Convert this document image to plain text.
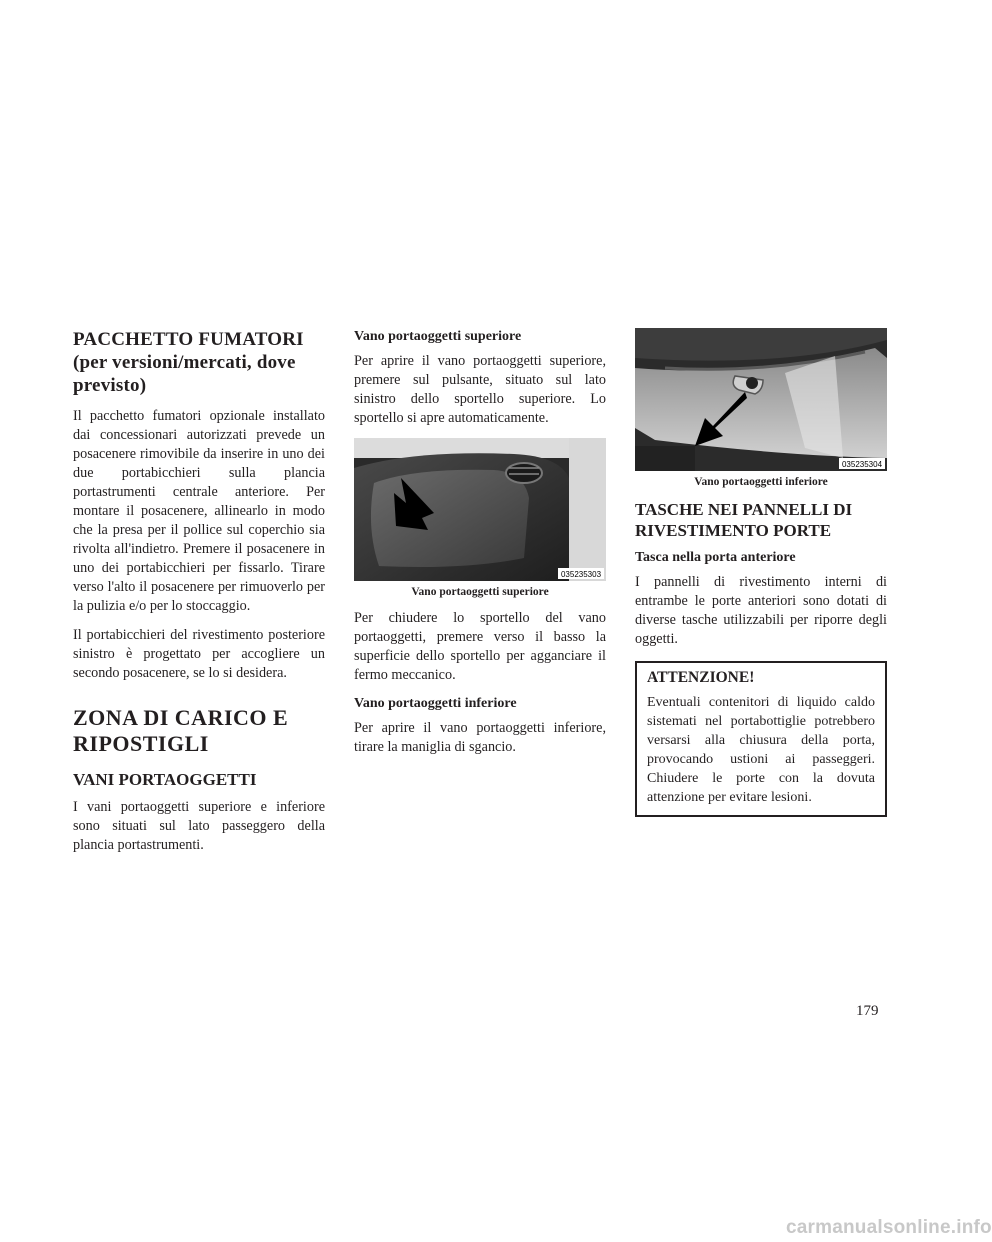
PACCHETTO FUMATORI (per versioni/mercati, dove previsto)

Il pacchetto fumatori opzionale installato dai concessionari autorizzati prevede un posacenere rimovibile da inserire in uno dei due portabicchieri sulla plancia portastrumenti centrale anteriore. Per montare il posacenere, allinearlo in modo che la presa per il pollice sul coperchio sia rivolta all'indietro. Premere il posacenere in uno dei portabicchieri per fissarlo. Tirare verso l'alto il posacenere per rimuoverlo per la pulizia e/o per lo stoccaggio.

Il portabicchieri del rivestimento posteriore sinistro è progettato per accogliere un secondo posacenere, se lo si desidera.

ZONA DI CARICO E RIPOSTIGLI
VANI PORTAOGGETTI

I vani portaoggetti superiore e inferiore sono situati sul lato passeggero della plancia portastrumenti.

Vano portaoggetti superiore

Per aprire il vano portaoggetti superiore, premere sul pulsante, situato sul lato sinistro dello sportello superiore. Lo sportello si apre automaticamente.

035235303
Vano portaoggetti superiore

Per chiudere lo sportello del vano portaoggetti, premere verso il basso la superficie dello sportello per agganciare il fermo meccanico.

Vano portaoggetti inferiore

Per aprire il vano portaoggetti inferiore, tirare la maniglia di sgancio.

035235304
Vano portaoggetti inferiore
TASCHE NEI PANNELLI DI RIVESTIMENTO PORTE
Tasca nella porta anteriore

I pannelli di rivestimento interni di entrambe le porte anteriori sono dotati di diverse tasche utilizzabili per riporre degli oggetti.

ATTENZIONE!

Eventuali contenitori di liquido caldo sistemati nel portabottiglie potrebbero versarsi alla chiusura della porta, provocando ustioni ai passeggeri. Chiudere le porte con la dovuta attenzione per evitare lesioni.

179
carmanualsonline.info
